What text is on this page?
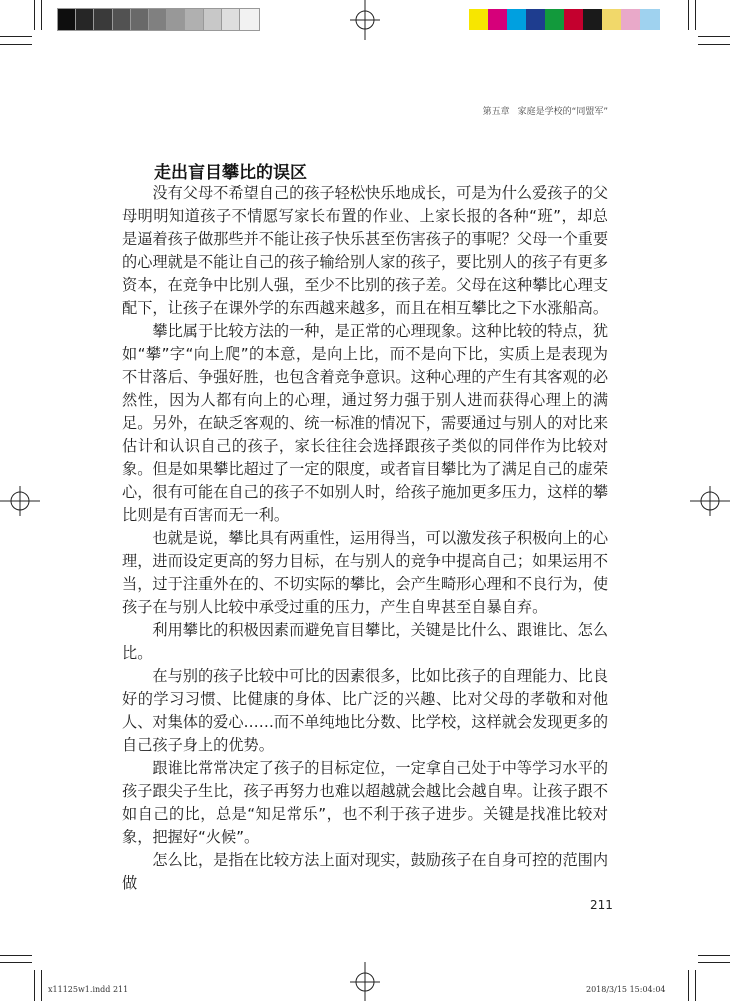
第五章 家庭是学校的“同盟军”
走出盲目攀比的误区

没有父母不希望自己的孩子轻松快乐地成长，可是为什么爱孩子的父母明明知道孩子不情愿写家长布置的作业、上家长报的各种“班”，却总是逼着孩子做那些并不能让孩子快乐甚至伤害孩子的事呢？父母一个重要的心理就是不能让自己的孩子输给别人家的孩子，要比别人的孩子有更多资本，在竞争中比别人强，至少不比别的孩子差。父母在这种攀比心理支配下，让孩子在课外学的东西越来越多，而且在相互攀比之下水涨船高。

攀比属于比较方法的一种，是正常的心理现象。这种比较的特点，犹如“攀”字“向上爬”的本意，是向上比，而不是向下比，实质上是表现为不甘落后、争强好胜，也包含着竞争意识。这种心理的产生有其客观的必然性，因为人都有向上的心理，通过努力强于别人进而获得心理上的满足。另外，在缺乏客观的、统一标准的情况下，需要通过与别人的对比来估计和认识自己的孩子，家长往往会选择跟孩子类似的同伴作为比较对象。但是如果攀比超过了一定的限度，或者盲目攀比为了满足自己的虚荣心，很有可能在自己的孩子不如别人时，给孩子施加更多压力，这样的攀比则是有百害而无一利。

也就是说，攀比具有两重性，运用得当，可以激发孩子积极向上的心理，进而设定更高的努力目标，在与别人的竞争中提高自己；如果运用不当，过于注重外在的、不切实际的攀比，会产生畸形心理和不良行为，使孩子在与别人比较中承受过重的压力，产生自卑甚至自暴自弃。

利用攀比的积极因素而避免盲目攀比，关键是比什么、跟谁比、怎么比。

在与别的孩子比较中可比的因素很多，比如比孩子的自理能力、比良好的学习习惯、比健康的身体、比广泛的兴趣、比对父母的孝敬和对他人、对集体的爱心……而不单纯地比分数、比学校，这样就会发现更多的自己孩子身上的优势。

跟谁比常常决定了孩子的目标定位，一定拿自己处于中等学习水平的孩子跟尖子生比，孩子再努力也难以超越就会越比会越自卑。让孩子跟不如自己的比，总是“知足常乐”，也不利于孩子进步。关键是找准比较对象，把握好“火候”。

怎么比，是指在比较方法上面对现实，鼓励孩子在自身可控的范围内做

211
x11125w1.indd 211	2018/3/15 15:04:04
